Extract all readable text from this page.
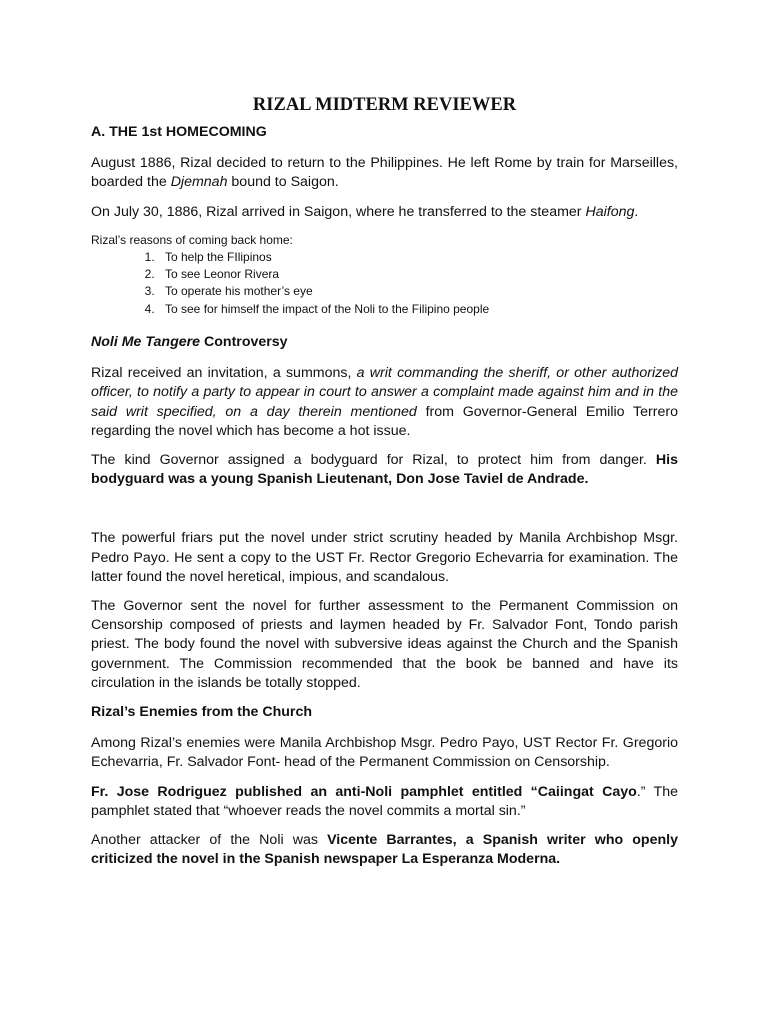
RIZAL MIDTERM REVIEWER
A. THE 1st HOMECOMING

August 1886, Rizal decided to return to the Philippines. He left Rome by train for Marseilles, boarded the Djemnah bound to Saigon.

On July 30, 1886, Rizal arrived in Saigon, where he transferred to the steamer Haifong.

Rizal’s reasons of coming back home:
1. To help the FIlipinos
2. To see Leonor Rivera
3. To operate his mother’s eye
4. To see for himself the impact of the Noli to the Filipino people
Noli Me Tangere Controversy

Rizal received an invitation, a summons, a writ commanding the sheriff, or other authorized officer, to notify a party to appear in court to answer a complaint made against him and in the said writ specified, on a day therein mentioned from Governor-General Emilio Terrero regarding the novel which has become a hot issue.

The kind Governor assigned a bodyguard for Rizal, to protect him from danger. His bodyguard was a young Spanish Lieutenant, Don Jose Taviel de Andrade.

The powerful friars put the novel under strict scrutiny headed by Manila Archbishop Msgr. Pedro Payo. He sent a copy to the UST Fr. Rector Gregorio Echevarria for examination. The latter found the novel heretical, impious, and scandalous.

The Governor sent the novel for further assessment to the Permanent Commission on Censorship composed of priests and laymen headed by Fr. Salvador Font, Tondo parish priest. The body found the novel with subversive ideas against the Church and the Spanish government. The Commission recommended that the book be banned and have its circulation in the islands be totally stopped.

Rizal’s Enemies from the Church

Among Rizal’s enemies were Manila Archbishop Msgr. Pedro Payo, UST Rector Fr. Gregorio Echevarria, Fr. Salvador Font- head of the Permanent Commission on Censorship.

Fr. Jose Rodriguez published an anti-Noli pamphlet entitled “Caiingat Cayo.” The pamphlet stated that “whoever reads the novel commits a mortal sin.”

Another attacker of the Noli was Vicente Barrantes, a Spanish writer who openly criticized the novel in the Spanish newspaper La Esperanza Moderna.
